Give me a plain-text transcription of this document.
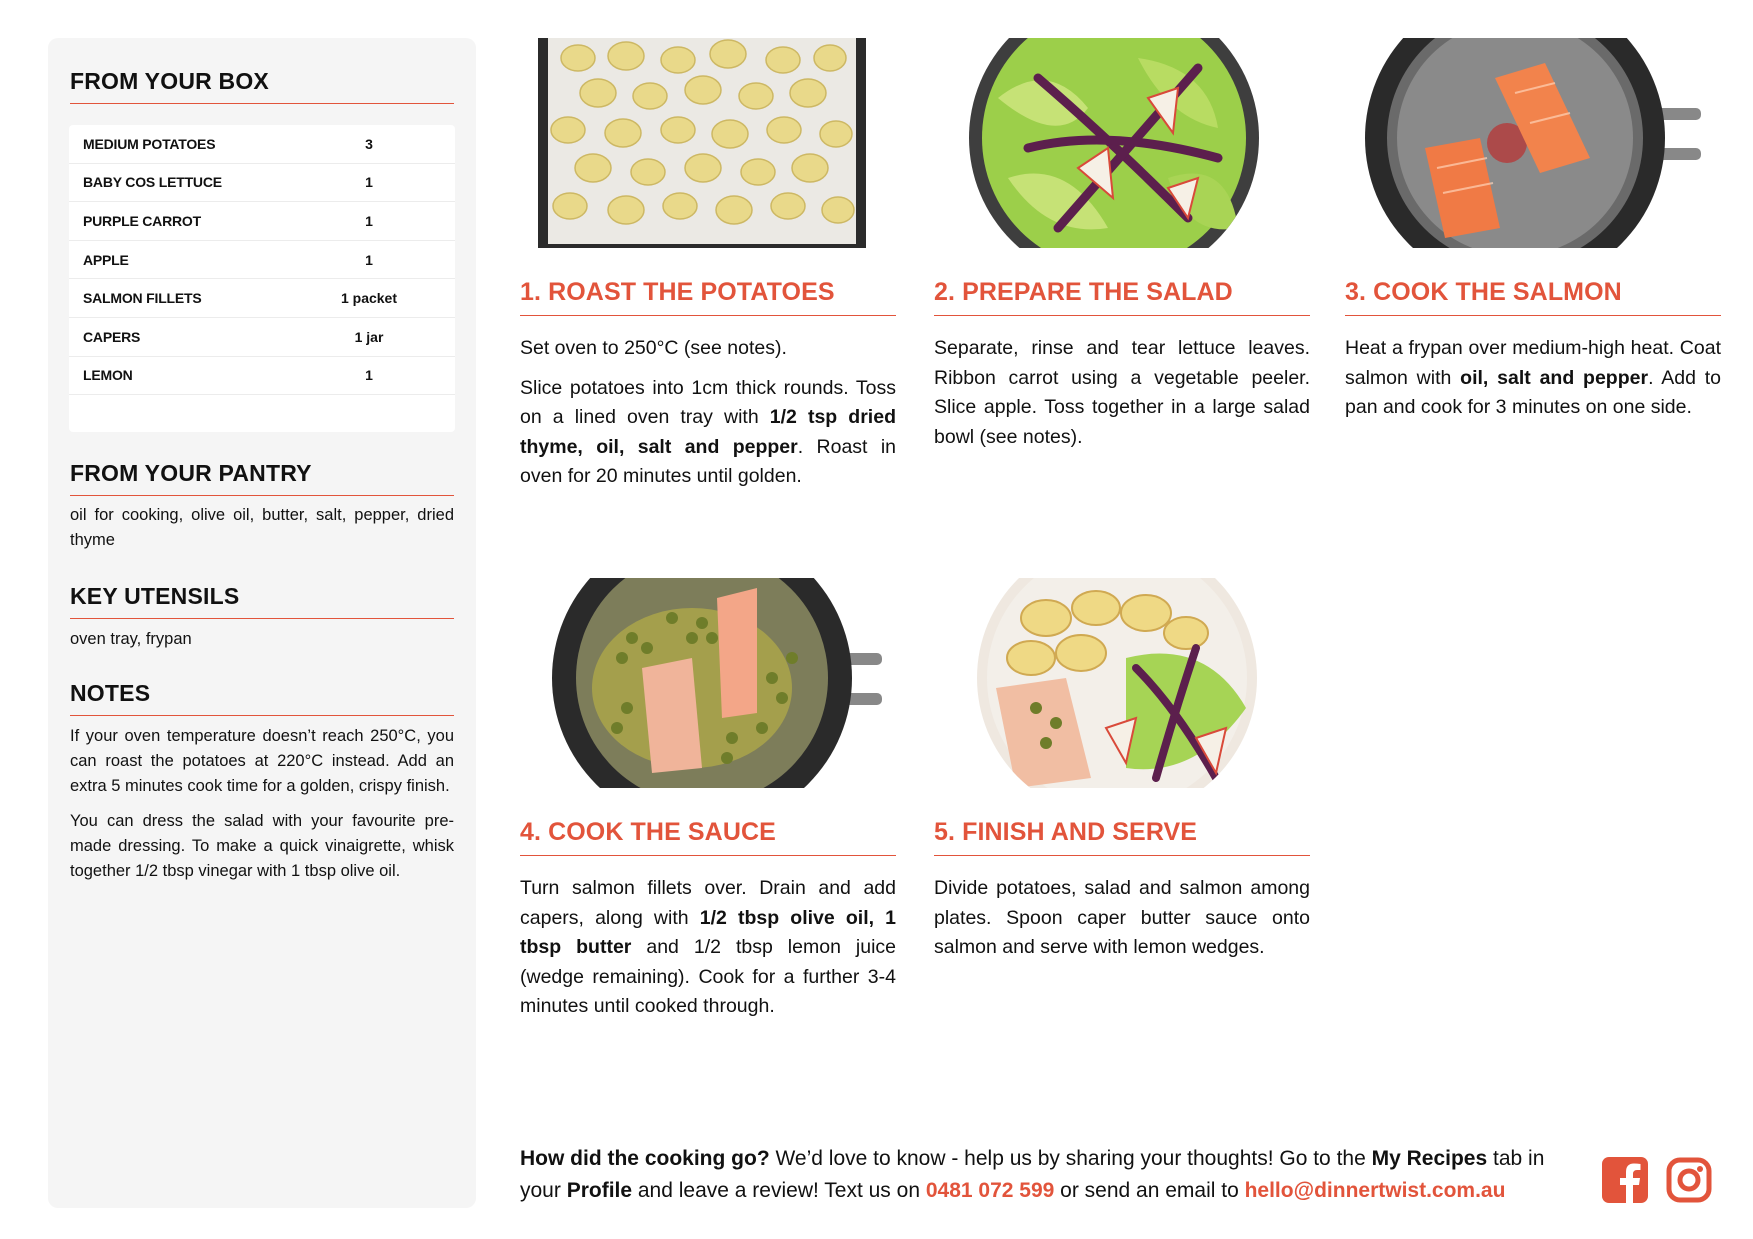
FROM YOUR BOX
MEDIUM POTATOES	3
BABY COS LETTUCE	1
PURPLE CARROT	1
APPLE	1
SALMON FILLETS	1 packet
CAPERS	1 jar
LEMON	1
FROM YOUR PANTRY
oil for cooking, olive oil, butter, salt, pepper, dried thyme
KEY UTENSILS
oven tray, frypan
NOTES

If your oven temperature doesn’t reach 250°C, you can roast the potatoes at 220°C instead. Add an extra 5 minutes cook time for a golden, crispy finish.

You can dress the salad with your favourite pre-made dressing. To make a quick vinaigrette, whisk together 1/2 tbsp vinegar with 1 tbsp olive oil.

1. ROAST THE POTATOES

Set oven to 250°C (see notes).

Slice potatoes into 1cm thick rounds. Toss on a lined oven tray with 1/2 tsp dried thyme, oil, salt and pepper. Roast in oven for 20 minutes until golden.

2. PREPARE THE SALAD

Separate, rinse and tear lettuce leaves. Ribbon carrot using a vegetable peeler. Slice apple. Toss together in a large salad bowl (see notes).

3. COOK THE SALMON

Heat a frypan over medium-high heat. Coat salmon with oil, salt and pepper. Add to pan and cook for 3 minutes on one side.

4. COOK THE SAUCE

Turn salmon fillets over. Drain and add capers, along with 1/2 tbsp olive oil, 1 tbsp butter and 1/2 tbsp lemon juice (wedge remaining). Cook for a further 3-4 minutes until cooked through.

5. FINISH AND SERVE

Divide potatoes, salad and salmon among plates. Spoon caper butter sauce onto salmon and serve with lemon wedges.

How did the cooking go? We’d love to know - help us by sharing your thoughts! Go to the My Recipes tab in your Profile and leave a review! Text us on 0481 072 599 or send an email to hello@dinnertwist.com.au
